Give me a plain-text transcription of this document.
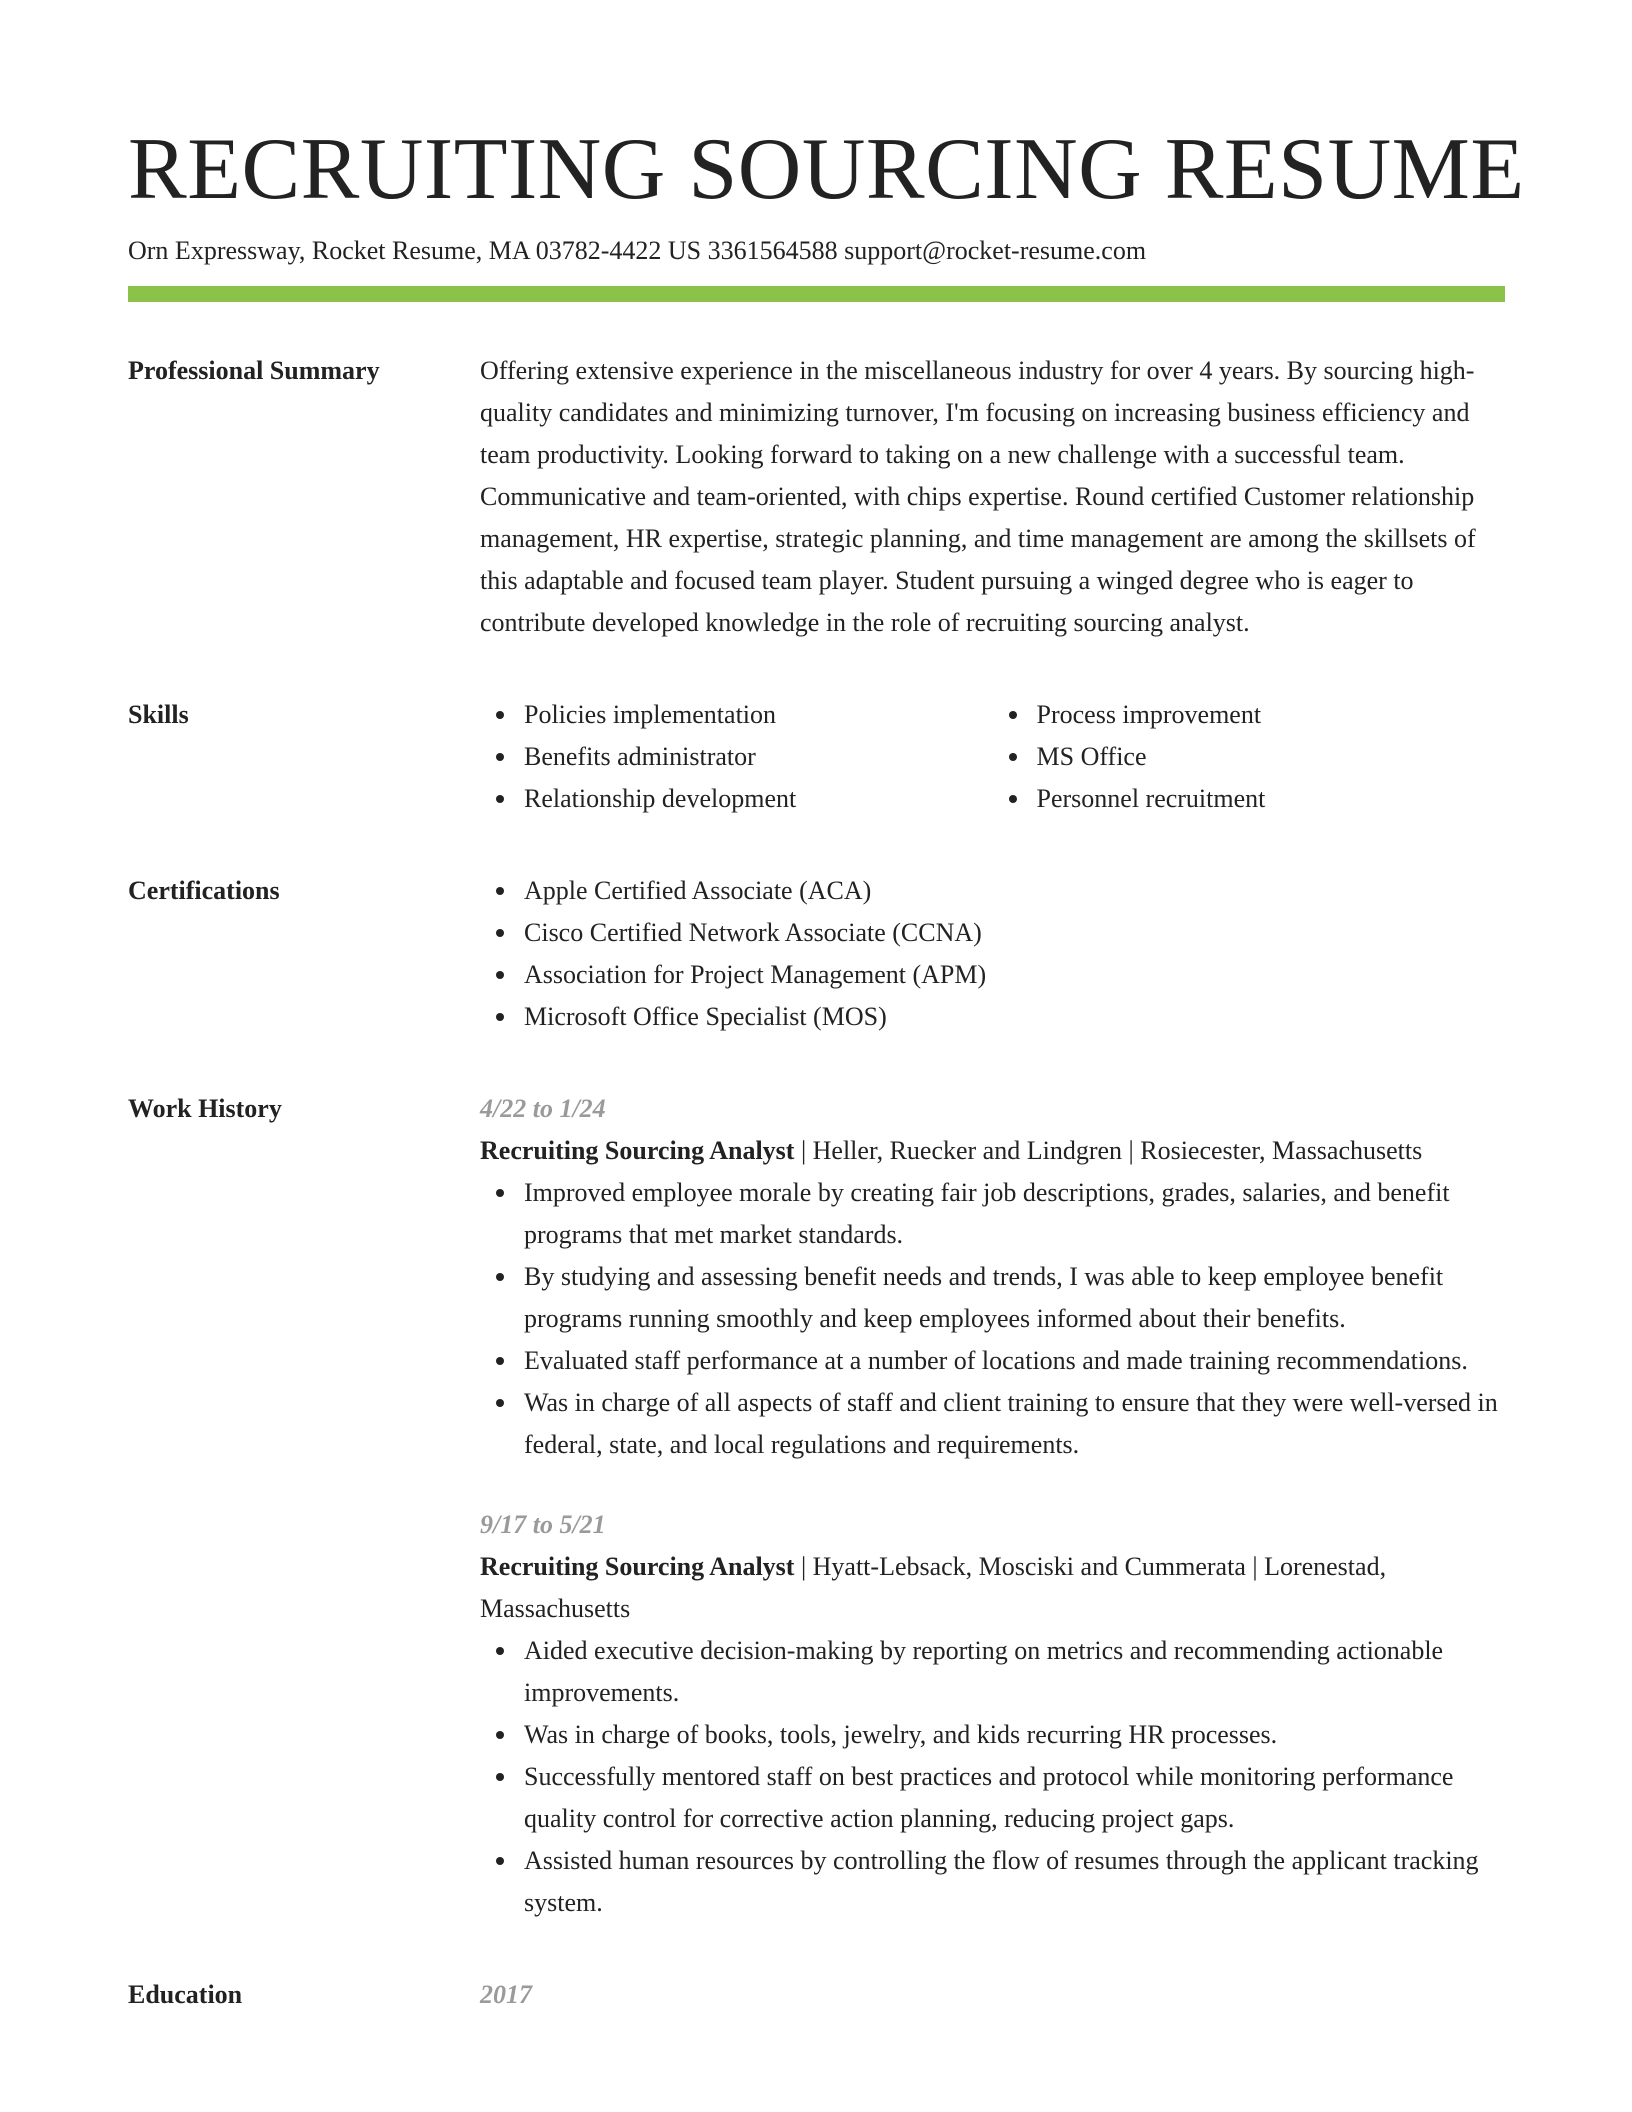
RECRUITING SOURCING RESUME
Orn Expressway, Rocket Resume, MA 03782-4422 US 3361564588 support@rocket-resume.com
Professional Summary	Offering extensive experience in the miscellaneous industry for over 4 years. By sourcing high-quality candidates and minimizing turnover, I'm focusing on increasing business efficiency and team productivity. Looking forward to taking on a new challenge with a successful team. Communicative and team-oriented, with chips expertise. Round certified Customer relationship management, HR expertise, strategic planning, and time management are among the skillsets of this adaptable and focused team player. Student pursuing a winged degree who is eager to contribute developed knowledge in the role of recruiting sourcing analyst.

Skills	Policies implementation
Benefits administrator
Relationship development
Process improvement
MS Office
Personnel recruitment
Certifications	Apple Certified Associate (ACA)
Cisco Certified Network Associate (CCNA)
Association for Project Management (APM)
Microsoft Office Specialist (MOS)
Work History	4/22 to 1/24

Recruiting Sourcing Analyst | Heller, Ruecker and Lindgren | Rosiecester, Massachusetts

Improved employee morale by creating fair job descriptions, grades, salaries, and benefit programs that met market standards.
By studying and assessing benefit needs and trends, I was able to keep employee benefit programs running smoothly and keep employees informed about their benefits.
Evaluated staff performance at a number of locations and made training recommendations.
Was in charge of all aspects of staff and client training to ensure that they were well-versed in federal, state, and local regulations and requirements.
9/17 to 5/21

Recruiting Sourcing Analyst | Hyatt-Lebsack, Mosciski and Cummerata | Lorenestad, Massachusetts

Aided executive decision-making by reporting on metrics and recommending actionable improvements.
Was in charge of books, tools, jewelry, and kids recurring HR processes.
Successfully mentored staff on best practices and protocol while monitoring performance quality control for corrective action planning, reducing project gaps.
Assisted human resources by controlling the flow of resumes through the applicant tracking system.
Education	2017
